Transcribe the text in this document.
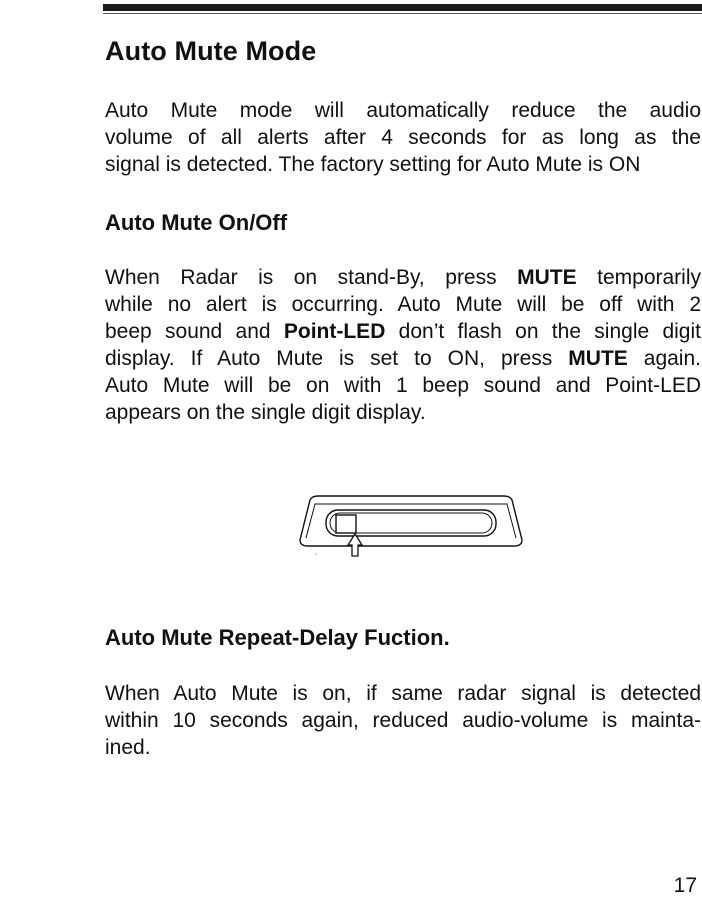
Auto Mute Mode
Auto Mute mode will automatically reduce the audio
volume of all alerts after 4 seconds for as long as the
signal is detected. The factory setting for Auto Mute is ON
Auto Mute On/Off
When Radar is on stand-By, press MUTE temporarily
while no alert is occurring. Auto Mute will be off with 2
beep sound and Point-LED don’t flash on the single digit
display. If Auto Mute is set to ON, press MUTE again.
Auto Mute will be on with 1 beep sound and Point-LED
appears on the single digit display.
Auto Mute Repeat-Delay Fuction.
When Auto Mute is on, if same radar signal is detected
within 10 seconds again, reduced audio-volume is mainta-
ined.
17
